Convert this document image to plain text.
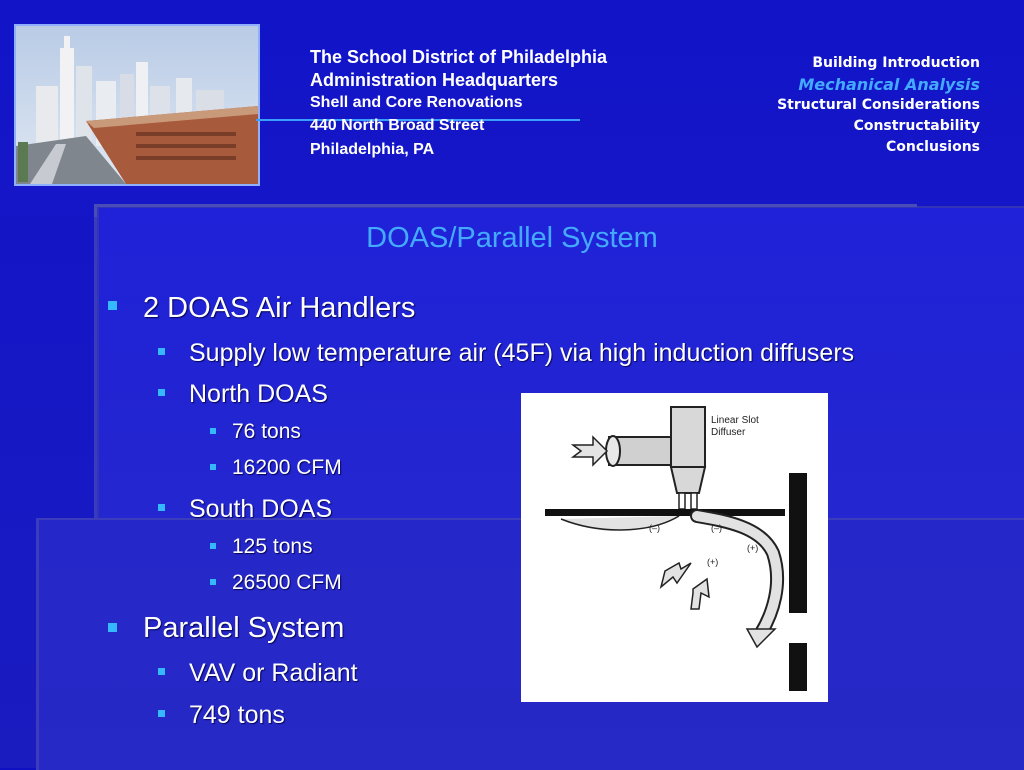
The School District of Philadelphia
Administration Headquarters
Shell and Core Renovations
440 North Broad Street
Philadelphia, PA
Building Introduction
Mechanical Analysis
Structural Considerations
Constructability
Conclusions
DOAS/Parallel System
2 DOAS Air Handlers
Supply low temperature air (45F) via high induction diffusers
North DOAS
76 tons
16200 CFM
South DOAS
125 tons
26500 CFM
Parallel System
VAV or Radiant
749 tons
Linear Slot
Diffuser
(–)	(–)
(+)
(+)
